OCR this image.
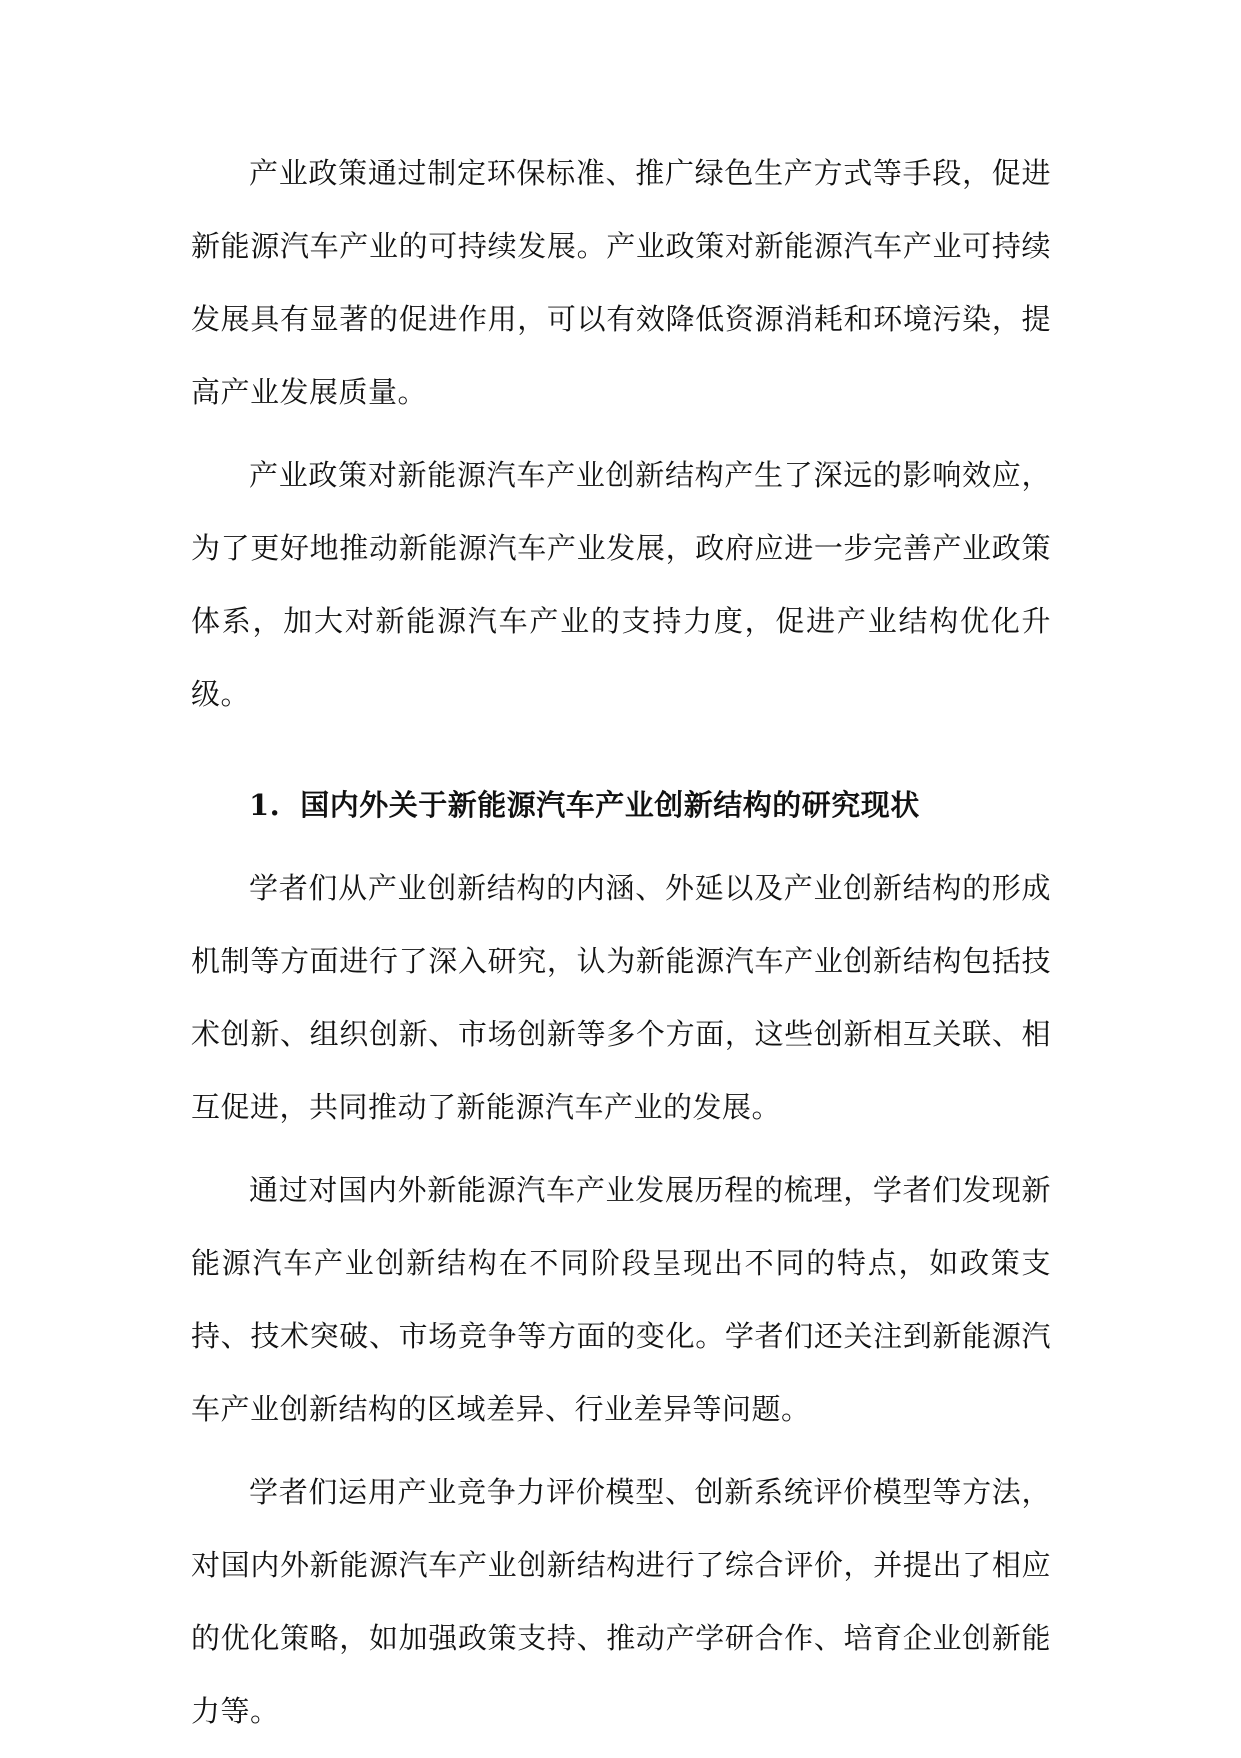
产业政策通过制定环保标准、推广绿色生产方式等手段，促进新能源汽车产业的可持续发展。产业政策对新能源汽车产业可持续发展具有显著的促进作用，可以有效降低资源消耗和环境污染，提高产业发展质量。

产业政策对新能源汽车产业创新结构产生了深远的影响效应，为了更好地推动新能源汽车产业发展，政府应进一步完善产业政策体系，加大对新能源汽车产业的支持力度，促进产业结构优化升级。

1. 国内外关于新能源汽车产业创新结构的研究现状

学者们从产业创新结构的内涵、外延以及产业创新结构的形成机制等方面进行了深入研究，认为新能源汽车产业创新结构包括技术创新、组织创新、市场创新等多个方面，这些创新相互关联、相互促进，共同推动了新能源汽车产业的发展。

通过对国内外新能源汽车产业发展历程的梳理，学者们发现新能源汽车产业创新结构在不同阶段呈现出不同的特点，如政策支持、技术突破、市场竞争等方面的变化。学者们还关注到新能源汽车产业创新结构的区域差异、行业差异等问题。

学者们运用产业竞争力评价模型、创新系统评价模型等方法，对国内外新能源汽车产业创新结构进行了综合评价，并提出了相应的优化策略，如加强政策支持、推动产学研合作、培育企业创新能力等。
